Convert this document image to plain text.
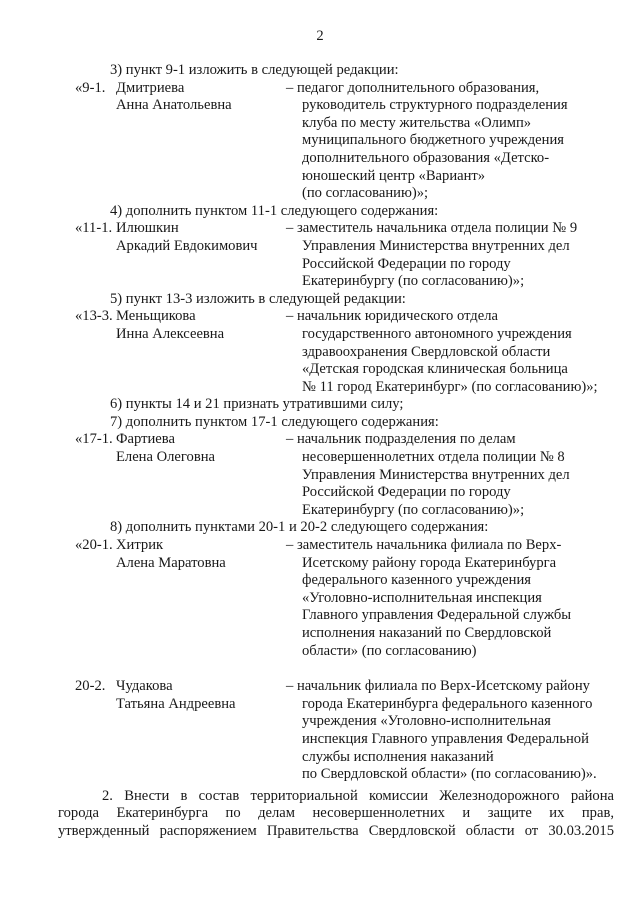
2
3) пункт 9-1 изложить в следующей редакции:
«9-1. Дмитриева
Анна Анатольевна
– педагог дополнительного образования,
руководитель структурного подразделения
клуба по месту жительства «Олимп»
муниципального бюджетного учреждения
дополнительного образования «Детско-
юношеский центр «Вариант»
(по согласованию)»;
4) дополнить пунктом 11-1 следующего содержания:
«11-1. Илюшкин
Аркадий Евдокимович
– заместитель начальника отдела полиции № 9
Управления Министерства внутренних дел
Российской Федерации по городу
Екатеринбургу (по согласованию)»;
5) пункт 13-3 изложить в следующей редакции:
«13-3. Меньщикова
Инна Алексеевна
– начальник юридического отдела
государственного автономного учреждения
здравоохранения Свердловской области
«Детская городская клиническая больница
№ 11 город Екатеринбург» (по согласованию)»;
6) пункты 14 и 21 признать утратившими силу;
7) дополнить пунктом 17-1 следующего содержания:
«17-1. Фартиева
Елена Олеговна
– начальник подразделения по делам
несовершеннолетних отдела полиции № 8
Управления Министерства внутренних дел
Российской Федерации по городу
Екатеринбургу (по согласованию)»;
8) дополнить пунктами 20-1 и 20-2 следующего содержания:
«20-1. Хитрик
Алена Маратовна
– заместитель начальника филиала по Верх-
Исетскому району города Екатеринбурга
федерального казенного учреждения
«Уголовно-исполнительная инспекция
Главного управления Федеральной службы
исполнения наказаний по Свердловской
области» (по согласованию)
20-2. Чудакова
Татьяна Андреевна
– начальник филиала по Верх-Исетскому району
города Екатеринбурга федерального казенного
учреждения «Уголовно-исполнительная
инспекция Главного управления Федеральной
службы исполнения наказаний
по Свердловской области» (по согласованию)».
2. Внести в состав территориальной комиссии Железнодорожного района
города Екатеринбурга по делам несовершеннолетних и защите их прав,
утвержденный распоряжением Правительства Свердловской области от 30.03.2015
